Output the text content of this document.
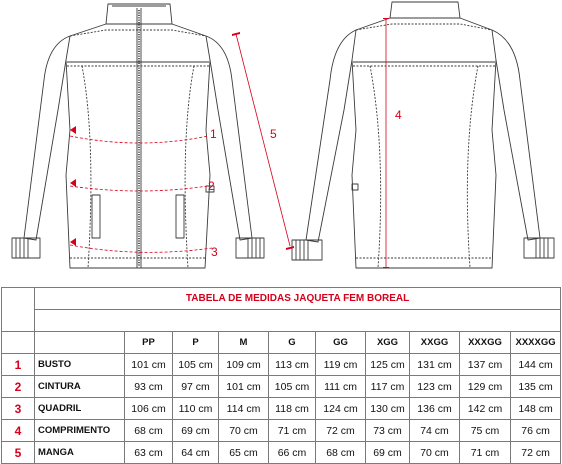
1
2
3
4
5
	TABELA DE MEDIDAS JAQUETA FEM BOREAL									

		PP	P	M	G	GG	XGG	XXGG	XXXGG	XXXXGG
1	BUSTO	101 cm	105 cm	109 cm	113 cm	119 cm	125 cm	131 cm	137 cm	144 cm
2	CINTURA	93 cm	97 cm	101 cm	105 cm	111 cm	117 cm	123 cm	129 cm	135 cm
3	QUADRIL	106 cm	110 cm	114 cm	118 cm	124 cm	130 cm	136 cm	142 cm	148 cm
4	COMPRIMENTO	68 cm	69 cm	70 cm	71 cm	72 cm	73 cm	74 cm	75 cm	76 cm
5	MANGA	63 cm	64 cm	65 cm	66 cm	68 cm	69 cm	70 cm	71 cm	72 cm
